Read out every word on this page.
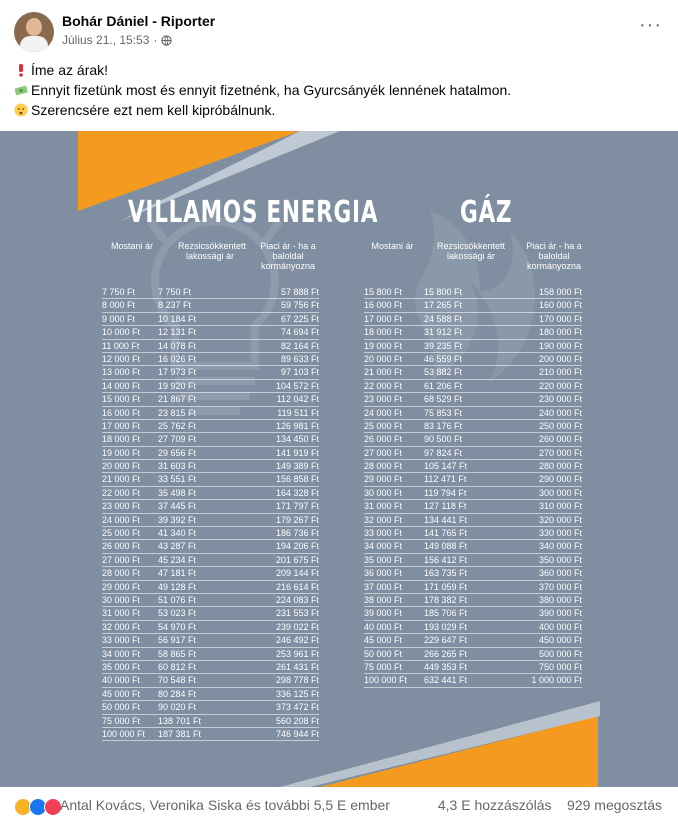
Bohár Dániel - Riporter
Július 21., 15:53 ·
···
Íme az árak!
Ennyit fizetünk most és ennyit fizetnénk, ha Gyurcsányék lennének hatalmon.
Szerencsére ezt nem kell kipróbálnunk.
VILLAMOS ENERGIA
Mostani ár	Rezsicsökkentett lakossági ár
Piaci ár - ha a baloldal kormányozna
7 750 Ft	7 750 Ft	57 888 Ft
8 000 Ft	8 237 Ft	59 756 Ft
9 000 Ft	10 184 Ft	67 225 Ft
10 000 Ft	12 131 Ft	74 694 Ft
11 000 Ft	14 078 Ft	82 164 Ft
12 000 Ft	16 026 Ft	89 633 Ft
13 000 Ft	17 973 Ft	97 103 Ft
14 000 Ft	19 920 Ft	104 572 Ft
15 000 Ft	21 867 Ft	112 042 Ft
16 000 Ft	23 815 Ft	119 511 Ft
17 000 Ft	25 762 Ft	126 981 Ft
18 000 Ft	27 709 Ft	134 450 Ft
19 000 Ft	29 656 Ft	141 919 Ft
20 000 Ft	31 603 Ft	149 389 Ft
21 000 Ft	33 551 Ft	156 858 Ft
22 000 Ft	35 498 Ft	164 328 Ft
23 000 Ft	37 445 Ft	171 797 Ft
24 000 Ft	39 392 Ft	179 267 Ft
25 000 Ft	41 340 Ft	186 736 Ft
26 000 Ft	43 287 Ft	194 206 Ft
27 000 Ft	45 234 Ft	201 675 Ft
28 000 Ft	47 181 Ft	209 144 Ft
29 000 Ft	49 128 Ft	216 614 Ft
30 000 Ft	51 076 Ft	224 083 Ft
31 000 Ft	53 023 Ft	231 553 Ft
32 000 Ft	54 970 Ft	239 022 Ft
33 000 Ft	56 917 Ft	246 492 Ft
34 000 Ft	58 865 Ft	253 961 Ft
35 000 Ft	60 812 Ft	261 431 Ft
40 000 Ft	70 548 Ft	298 778 Ft
45 000 Ft	80 284 Ft	336 125 Ft
50 000 Ft	90 020 Ft	373 472 Ft
75 000 Ft	138 701 Ft	560 208 Ft
100 000 Ft	187 381 Ft	746 944 Ft
GÁZ
Mostani ár	Rezsicsökkentett lakossági ár
Piaci ár - ha a baloldal kormányozna
15 800 Ft	15 800 Ft	158 000 Ft
16 000 Ft	17 265 Ft	160 000 Ft
17 000 Ft	24 588 Ft	170 000 Ft
18 000 Ft	31 912 Ft	180 000 Ft
19 000 Ft	39 235 Ft	190 000 Ft
20 000 Ft	46 559 Ft	200 000 Ft
21 000 Ft	53 882 Ft	210 000 Ft
22 000 Ft	61 206 Ft	220 000 Ft
23 000 Ft	68 529 Ft	230 000 Ft
24 000 Ft	75 853 Ft	240 000 Ft
25 000 Ft	83 176 Ft	250 000 Ft
26 000 Ft	90 500 Ft	260 000 Ft
27 000 Ft	97 824 Ft	270 000 Ft
28 000 Ft	105 147 Ft	280 000 Ft
29 000 Ft	112 471 Ft	290 000 Ft
30 000 Ft	119 794 Ft	300 000 Ft
31 000 Ft	127 118 Ft	310 000 Ft
32 000 Ft	134 441 Ft	320 000 Ft
33 000 Ft	141 765 Ft	330 000 Ft
34 000 Ft	149 088 Ft	340 000 Ft
35 000 Ft	156 412 Ft	350 000 Ft
36 000 Ft	163 735 Ft	360 000 Ft
37 000 Ft	171 059 Ft	370 000 Ft
38 000 Ft	178 382 Ft	380 000 Ft
39 000 Ft	185 706 Ft	390 000 Ft
40 000 Ft	193 029 Ft	400 000 Ft
45 000 Ft	229 647 Ft	450 000 Ft
50 000 Ft	266 265 Ft	500 000 Ft
75 000 Ft	449 353 Ft	750 000 Ft
100 000 Ft	632 441 Ft	1 000 000 Ft
Antal Kovács, Veronika Siska és további 5,5 E ember	4,3 E hozzászólás 929 megosztás
